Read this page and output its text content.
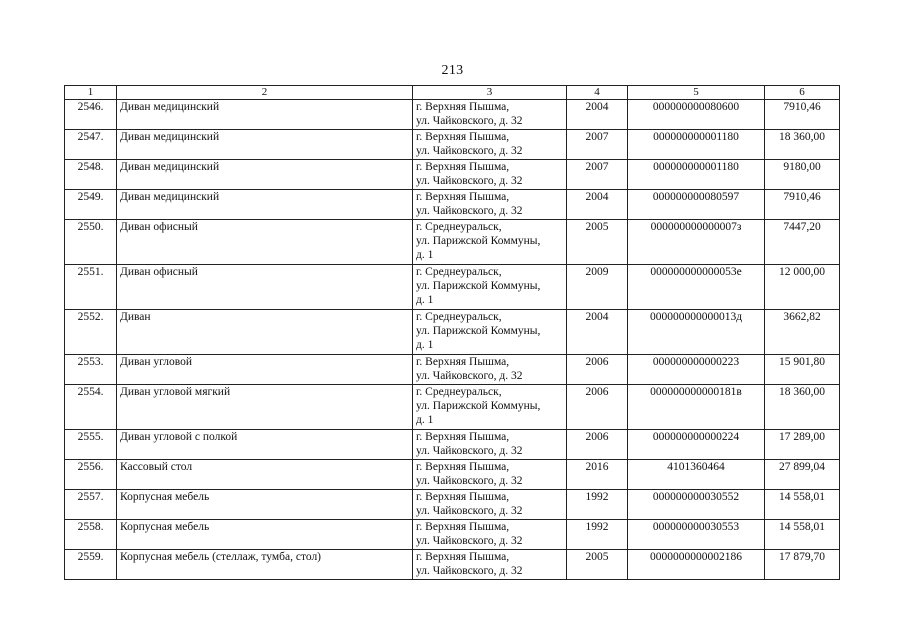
213
1	2	3	4	5	6
2546.	Диван медицинский	г. Верхняя Пышма,
ул. Чайковского, д. 32	2004	000000000080600	7910,46
2547.	Диван медицинский	г. Верхняя Пышма,
ул. Чайковского, д. 32	2007	000000000001180	18 360,00
2548.	Диван медицинский	г. Верхняя Пышма,
ул. Чайковского, д. 32	2007	000000000001180	9180,00
2549.	Диван медицинский	г. Верхняя Пышма,
ул. Чайковского, д. 32	2004	000000000080597	7910,46
2550.	Диван офисный	г. Среднеуральск,
ул. Парижской Коммуны,
д. 1	2005	000000000000007з	7447,20
2551.	Диван офисный	г. Среднеуральск,
ул. Парижской Коммуны,
д. 1	2009	000000000000053е	12 000,00
2552.	Диван	г. Среднеуральск,
ул. Парижской Коммуны,
д. 1	2004	000000000000013д	3662,82
2553.	Диван угловой	г. Верхняя Пышма,
ул. Чайковского, д. 32	2006	000000000000223	15 901,80
2554.	Диван угловой мягкий	г. Среднеуральск,
ул. Парижской Коммуны,
д. 1	2006	000000000000181в	18 360,00
2555.	Диван угловой с полкой	г. Верхняя Пышма,
ул. Чайковского, д. 32	2006	000000000000224	17 289,00
2556.	Кассовый стол	г. Верхняя Пышма,
ул. Чайковского, д. 32	2016	4101360464	27 899,04
2557.	Корпусная мебель	г. Верхняя Пышма,
ул. Чайковского, д. 32	1992	000000000030552	14 558,01
2558.	Корпусная мебель	г. Верхняя Пышма,
ул. Чайковского, д. 32	1992	000000000030553	14 558,01
2559.	Корпусная мебель (стеллаж, тумба, стол)	г. Верхняя Пышма,
ул. Чайковского, д. 32	2005	0000000000002186	17 879,70
